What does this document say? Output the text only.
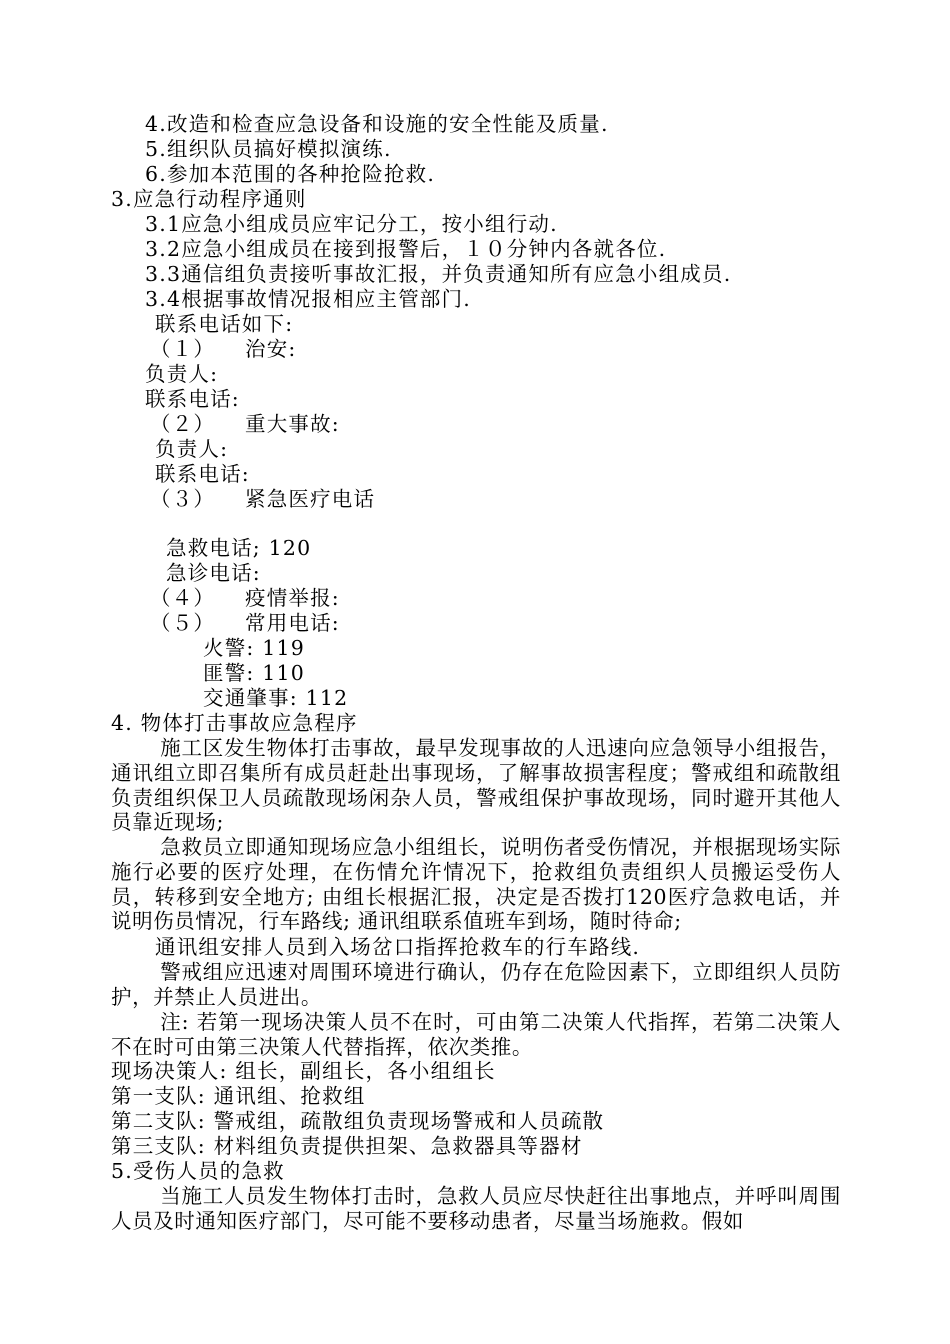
4.改造和检查应急设备和设施的安全性能及质量.
5.组织队员搞好模拟演练.
6.参加本范围的各种抢险抢救.
3.应急行动程序通则
3.1应急小组成员应牢记分工，按小组行动.
3.2应急小组成员在接到报警后，１０分钟内各就各位.
3.3通信组负责接听事故汇报，并负责通知所有应急小组成员.
3.4根据事故情况报相应主管部门.
联系电话如下:
（１） 治安:
负责人:
联系电话:
（２） 重大事故:
负责人:
联系电话:
（３） 紧急医疗电话
急救电话; 120
急诊电话:
（４） 疫情举报:
（５） 常用电话:
火警: 119
匪警: 110
交通肇事: 112
4. 物体打击事故应急程序
施工区发生物体打击事故，最早发现事故的人迅速向应急领导小组报告，通讯组立即召集所有成员赶赴出事现场，了解事故损害程度；警戒组和疏散组负责组织保卫人员疏散现场闲杂人员，警戒组保护事故现场，同时避开其他人员靠近现场;
急救员立即通知现场应急小组组长，说明伤者受伤情况，并根据现场实际施行必要的医疗处理，在伤情允许情况下，抢救组负责组织人员搬运受伤人员，转移到安全地方; 由组长根据汇报，决定是否拨打120医疗急救电话，并说明伤员情况，行车路线; 通讯组联系值班车到场，随时待命;
通讯组安排人员到入场岔口指挥抢救车的行车路线.
警戒组应迅速对周围环境进行确认，仍存在危险因素下，立即组织人员防护，并禁止人员进出。
注: 若第一现场决策人员不在时，可由第二决策人代指挥，若第二决策人不在时可由第三决策人代替指挥，依次类推。
现场决策人: 组长，副组长，各小组组长
第一支队: 通讯组、抢救组
第二支队: 警戒组，疏散组负责现场警戒和人员疏散
第三支队: 材料组负责提供担架、急救器具等器材
5.受伤人员的急救
当施工人员发生物体打击时，急救人员应尽快赶往出事地点，并呼叫周围人员及时通知医疗部门，尽可能不要移动患者，尽量当场施救。假如
